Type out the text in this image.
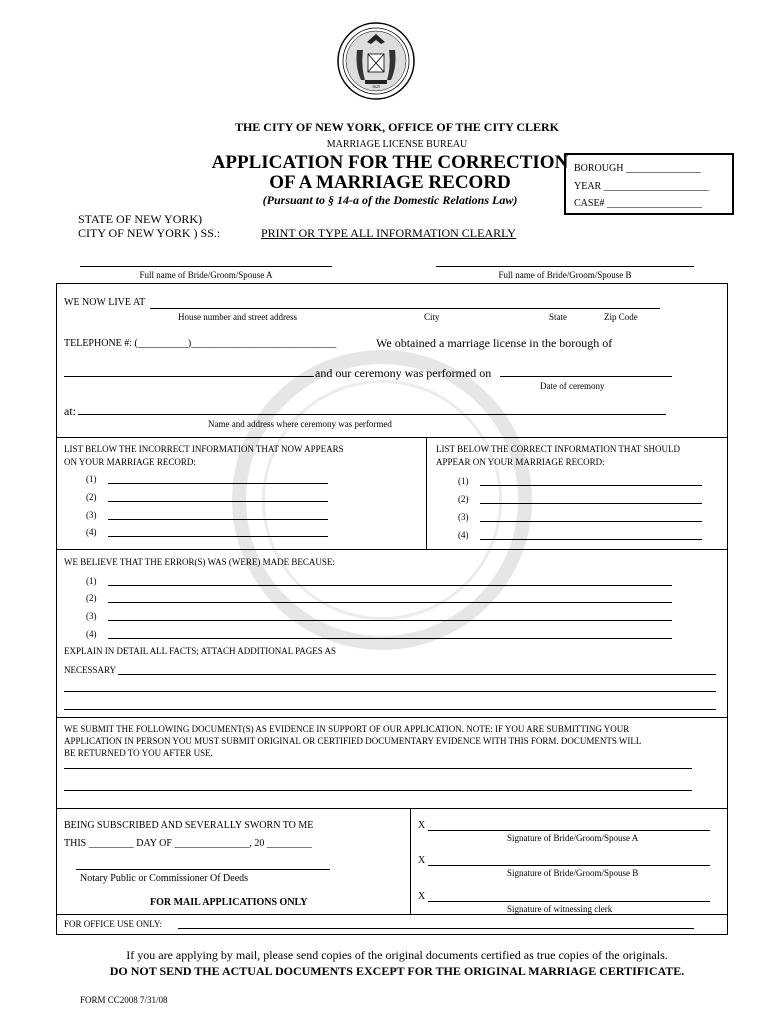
1625
THE CITY OF NEW YORK, OFFICE OF THE CITY CLERK
MARRIAGE LICENSE BUREAU
APPLICATION FOR THE CORRECTION
OF A MARRIAGE RECORD
(Pursuant to § 14-a of the Domestic Relations Law)
BOROUGH _______________
YEAR _____________________
CASE# ___________________
STATE OF NEW YORK)
CITY OF NEW YORK ) SS.:	PRINT OR TYPE ALL INFORMATION CLEARLY
Full name of Bride/Groom/Spouse A	Full name of Bride/Groom/Spouse B
WE NOW LIVE AT
House number and street address	City	State	Zip Code
TELEPHONE #: (__________)_____________________________	We obtained a marriage license in the borough of
and our ceremony was performed on
Date of ceremony
at:
Name and address where ceremony was performed
LIST BELOW THE INCORRECT INFORMATION THAT NOW APPEARS
ON YOUR MARRIAGE RECORD:
(1)
(2)
(3)
(4)
LIST BELOW THE CORRECT INFORMATION THAT SHOULD
APPEAR ON YOUR MARRIAGE RECORD:
(1)
(2)
(3)
(4)
WE BELIEVE THAT THE ERROR(S) WAS (WERE) MADE BECAUSE:
(1)
(2)
(3)
(4)
EXPLAIN IN DETAIL ALL FACTS; ATTACH ADDITIONAL PAGES AS
NECESSARY
WE SUBMIT THE FOLLOWING DOCUMENT(S) AS EVIDENCE IN SUPPORT OF OUR APPLICATION. NOTE: IF YOU ARE SUBMITTING YOUR
APPLICATION IN PERSON YOU MUST SUBMIT ORIGINAL OR CERTIFIED DOCUMENTARY EVIDENCE WITH THIS FORM. DOCUMENTS WILL
BE RETURNED TO YOU AFTER USE.
BEING SUBSCRIBED AND SEVERALLY SWORN TO ME
THIS _________ DAY OF _______________, 20 _________
Notary Public or Commissioner Of Deeds
FOR MAIL APPLICATIONS ONLY
X
Signature of Bride/Groom/Spouse A
X
Signature of Bride/Groom/Spouse B
X
Signature of witnessing clerk
FOR OFFICE USE ONLY:
If you are applying by mail, please send copies of the original documents certified as true copies of the originals.
DO NOT SEND THE ACTUAL DOCUMENTS EXCEPT FOR THE ORIGINAL MARRIAGE CERTIFICATE.
FORM CC2008 7/31/08
